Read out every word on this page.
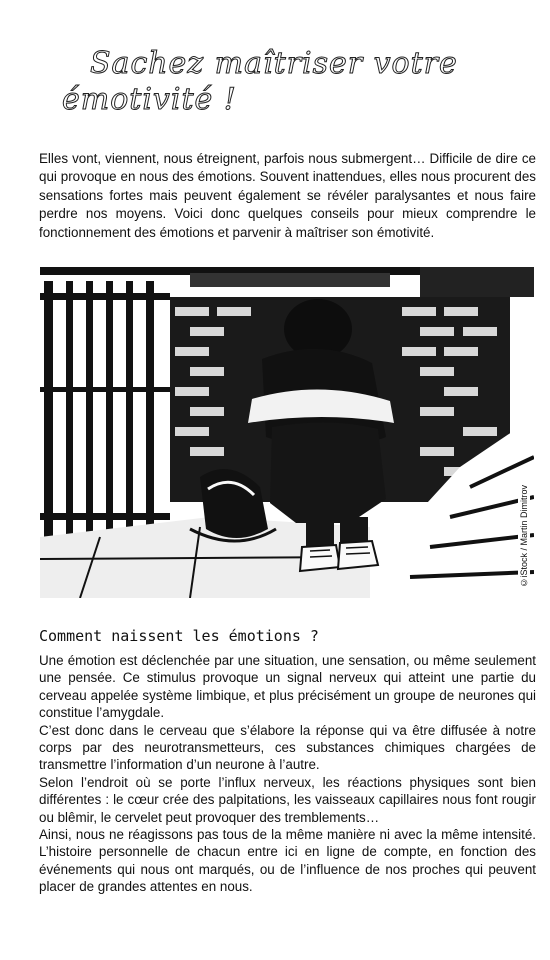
Sachez maîtriser votre
émotivité !

Elles vont, viennent, nous étreignent, parfois nous submergent… Difficile de dire ce qui provoque en nous des émotions. Souvent inattendues, elles nous procurent des sensations fortes mais peuvent également se révéler paralysantes et nous faire perdre nos moyens. Voici donc quelques conseils pour mieux comprendre le fonctionnement des émotions et parvenir à maîtriser son émotivité.

©iStock / Martin Dimitrov
Comment naissent les émotions ?

Une émotion est déclenchée par une situation, une sensation, ou même seulement une pensée. Ce stimulus provoque un signal nerveux qui atteint une partie du cerveau appelée système limbique, et plus précisément un groupe de neurones qui constitue l’amygdale.

C’est donc dans le cerveau que s’élabore la réponse qui va être diffusée à notre corps par des neurotransmetteurs, ces substances chimiques chargées de transmettre l’information d’un neurone à l’autre.

Selon l’endroit où se porte l’influx nerveux, les réactions physiques sont bien différentes : le cœur crée des palpitations, les vaisseaux capillaires nous font rougir ou blêmir, le cervelet peut provoquer des tremblements…

Ainsi, nous ne réagissons pas tous de la même manière ni avec la même intensité. L’histoire personnelle de chacun entre ici en ligne de compte, en fonction des événements qui nous ont marqués, ou de l’influence de nos proches qui peuvent placer de grandes attentes en nous.
